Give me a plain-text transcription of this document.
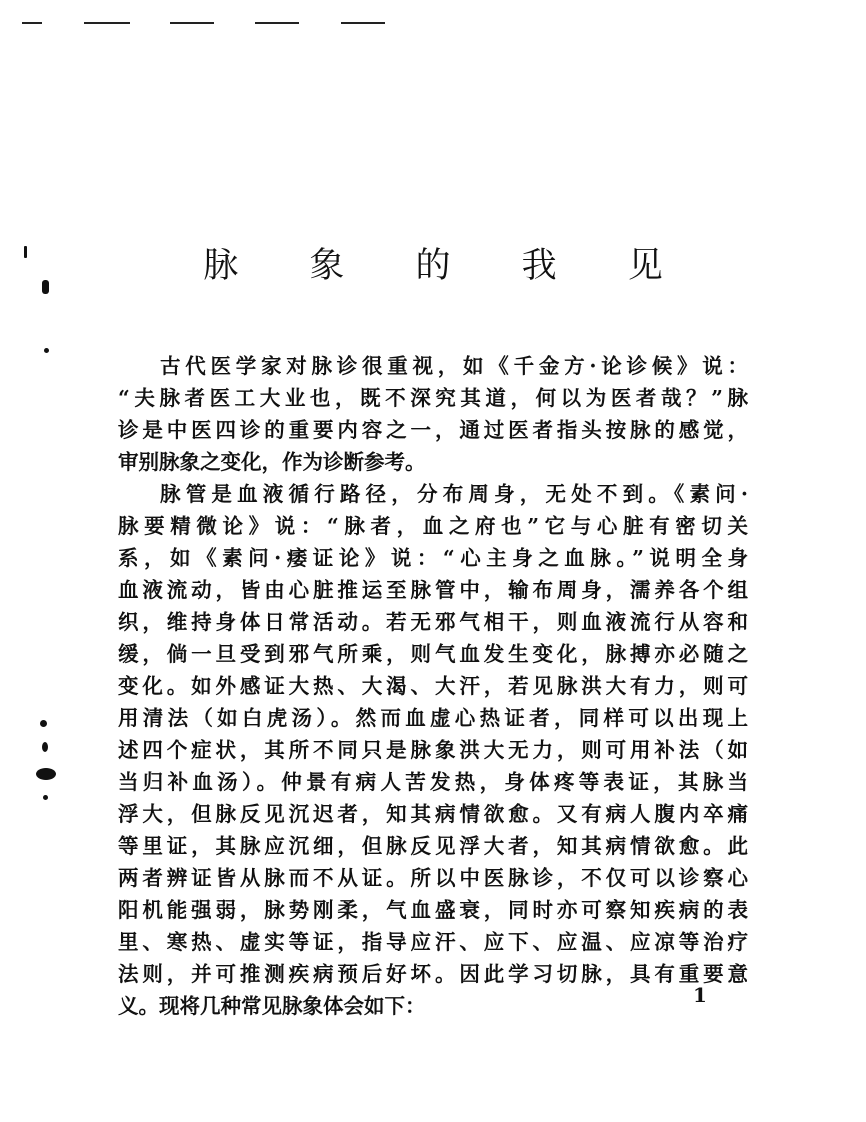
脉 象 的 我 见
古代医学家对脉诊很重视，如《千金方·论诊候》说：
“夫脉者医工大业也，既不深究其道，何以为医者哉？”脉
诊是中医四诊的重要内容之一，通过医者指头按脉的感觉，
审别脉象之变化，作为诊断参考。
脉管是血液循行路径，分布周身，无处不到。《素问·
脉要精微论》说：“脉者，血之府也”它与心脏有密切关
系，如《素问·痿证论》说：“心主身之血脉。”说明全身
血液流动，皆由心脏推运至脉管中，输布周身，濡养各个组
织，维持身体日常活动。若无邪气相干，则血液流行从容和
缓，倘一旦受到邪气所乘，则气血发生变化，脉搏亦必随之
变化。如外感证大热、大渴、大汗，若见脉洪大有力，则可
用清法（如白虎汤）。然而血虚心热证者，同样可以出现上
述四个症状，其所不同只是脉象洪大无力，则可用补法（如
当归补血汤）。仲景有病人苦发热，身体疼等表证，其脉当
浮大，但脉反见沉迟者，知其病情欲愈。又有病人腹内卒痛
等里证，其脉应沉细，但脉反见浮大者，知其病情欲愈。此
两者辨证皆从脉而不从证。所以中医脉诊，不仅可以诊察心
阳机能强弱，脉势刚柔，气血盛衰，同时亦可察知疾病的表
里、寒热、虚实等证，指导应汗、应下、应温、应凉等治疗
法则，并可推测疾病预后好坏。因此学习切脉，具有重要意
义。现将几种常见脉象体会如下：	1
